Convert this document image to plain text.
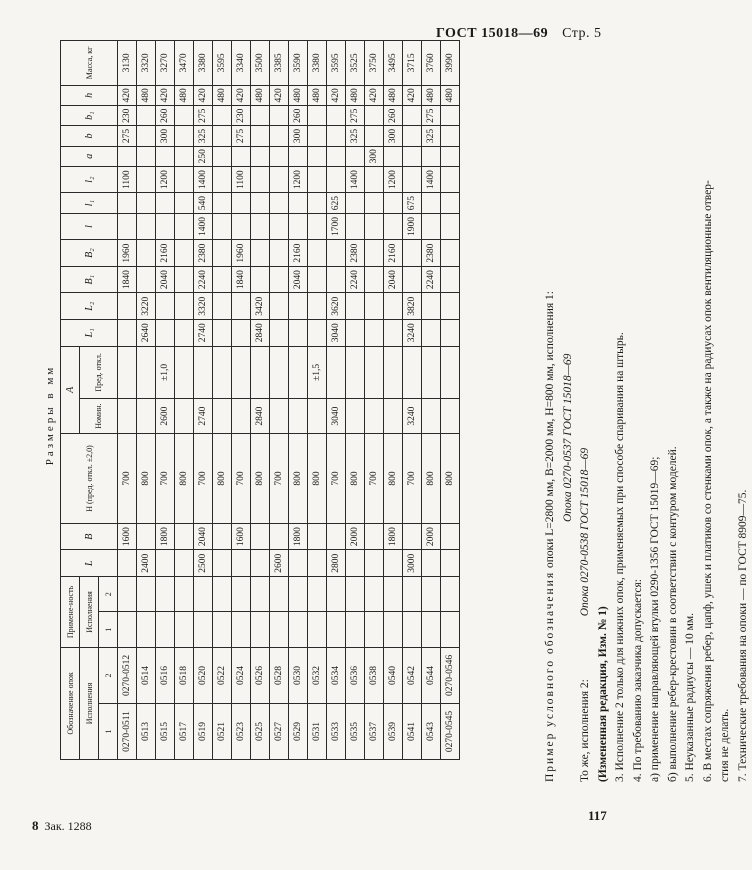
ГОСТ 15018—69 Стр. 5
Размеры в мм
Обозначение опок		Примене-ность		L	B	H (пред. откл. ±2,0)	A		L₁	L₂	B₁	B₂	l	l₁	l₂	a	b	b₁	h	Масса, кг
Исполнения		Исполнения					Номин.	Пред. откл.												
1	2	1	2																	
0270-0511	0270-0512				1600	700					1840	1960			1100		275	230	420	3130
0513	0514			2400		800			2640	3220									480	3320
0515	0516				1800	700	2600	±1,0			2040	2160			1200		300	260	420	3270
0517	0518					800													480	3470
0519	0520			2500	2040	700	2740		2740	3320	2240	2380	1400	540	1400	250	325	275	420	3380
0521	0522					800													480	3595
0523	0524				1600	700					1840	1960			1100		275	230	420	3340
0525	0526					800	2840		2840	3420									480	3500
0527	0528			2600		700													420	3385
0529	0530				1800	800					2040	2160			1200		300	260	480	3590
0531	0532					800		±1,5											480	3380
0533	0534			2800		700	3040		3040	3620			1700	625					420	3595
0535	0536				2000	800					2240	2380			1400		325	275	480	3525
0537	0538					700										300			420	3750
0539	0540				1800	800					2040	2160			1200		300	260	480	3495
0541	0542			3000		700	3240		3240	3820			1900	675					420	3715
0543	0544				2000	800					2240	2380			1400		325	275	480	3760
0270-0545	0270-0546					800													480	3990

Пример условного обозначения опоки L=2800 мм, B=2000 мм, H=800 мм, исполнения 1: Опока 0270-0537 ГОСТ 15018—69

То же, исполнения 2: Опока 0270-0538 ГОСТ 15018—69

(Измененная редакция, Изм. № 1) 3. Исполнение 2 только для нижних опок, применяемых при способе спаривания на штырь. 4. По требованию заказчика допускается: а) применение направляющей втулки 0290-1356 ГОСТ 15019—69; б) выполнение ребер-крестовин в соответствии с контуром моделей. 5. Неуказанные радиусы — 10 мм. 6. В местах сопряжения ребер, цапф, ушек и платиков со стенками опок, а также на радиусах опок вентиляционные отвер- стия не делать. 7. Технические требования на опоки — по ГОСТ 8909—75.

8 Зак. 1288
117
